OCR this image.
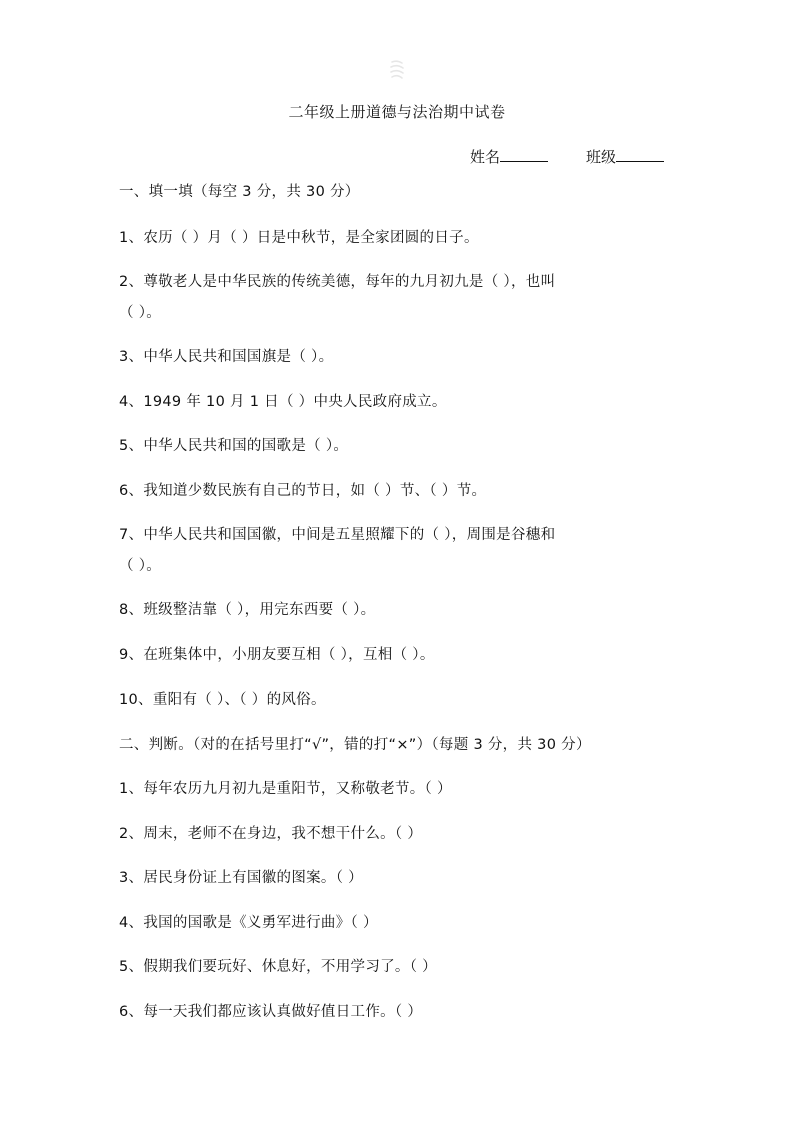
二年级上册道德与法治期中试卷
姓名	班级
一、填一填（每空 3 分，共 30 分）
1、农历（ ）月（ ）日是中秋节，是全家团圆的日子。
2、尊敬老人是中华民族的传统美德，每年的九月初九是（ ），也叫
（ ）。
3、中华人民共和国国旗是（ ）。
4、1949 年 10 月 1 日（ ）中央人民政府成立。
5、中华人民共和国的国歌是（ ）。
6、我知道少数民族有自己的节日，如（ ）节、（ ）节。
7、中华人民共和国国徽，中间是五星照耀下的（ ），周围是谷穗和
（ ）。
8、班级整洁靠（ ），用完东西要（ ）。
9、在班集体中，小朋友要互相（ ），互相（ ）。
10、重阳有（ ）、（ ）的风俗。
二、判断。（对的在括号里打“√”，错的打“×”）（每题 3 分，共 30 分）
1、每年农历九月初九是重阳节，又称敬老节。（ ）
2、周末，老师不在身边，我不想干什么。（ ）
3、居民身份证上有国徽的图案。（ ）
4、我国的国歌是《义勇军进行曲》（ ）
5、假期我们要玩好、休息好，不用学习了。（ ）
6、每一天我们都应该认真做好值日工作。（ ）
